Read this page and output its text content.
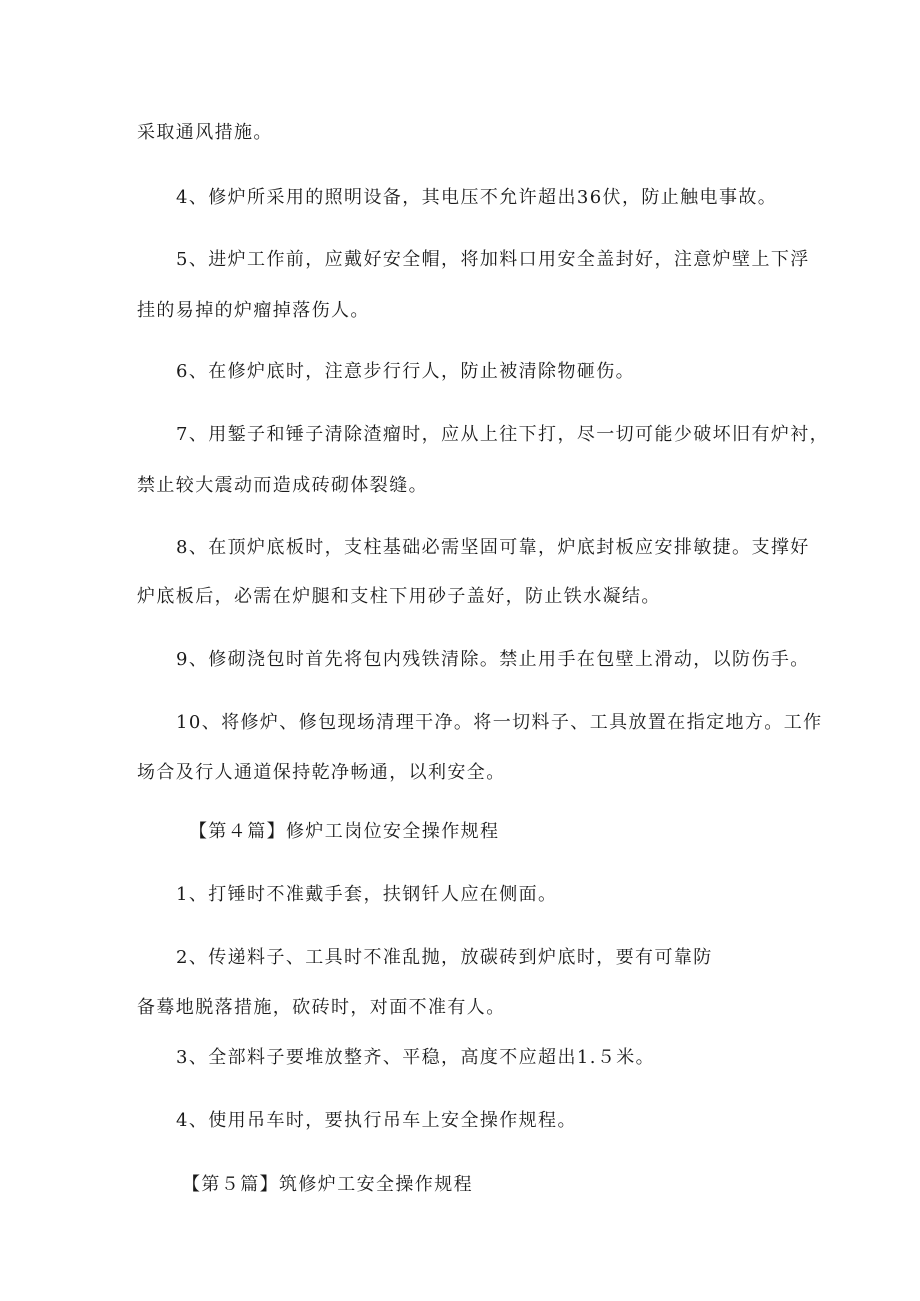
采取通风措施。
4、修炉所采用的照明设备，其电压不允许超出36伏，防止触电事故。
5、进炉工作前，应戴好安全帽，将加料口用安全盖封好，注意炉壁上下浮
挂的易掉的炉瘤掉落伤人。
6、在修炉底时，注意步行行人，防止被清除物砸伤。
7、用錾子和锤子清除渣瘤时，应从上往下打，尽一切可能少破坏旧有炉衬，
禁止较大震动而造成砖砌体裂缝。
8、在顶炉底板时，支柱基础必需坚固可靠，炉底封板应安排敏捷。支撑好
炉底板后，必需在炉腿和支柱下用砂子盖好，防止铁水凝结。
9、修砌浇包时首先将包内残铁清除。禁止用手在包壁上滑动，以防伤手。
10、将修炉、修包现场清理干净。将一切料子、工具放置在指定地方。工作
场合及行人通道保持乾净畅通，以利安全。
【第４篇】修炉工岗位安全操作规程
1、打锤时不准戴手套，扶钢钎人应在侧面。
2、传递料子、工具时不准乱抛，放碳砖到炉底时，要有可靠防
备蓦地脱落措施，砍砖时，对面不准有人。
3、全部料子要堆放整齐、平稳，高度不应超出1.５米。
4、使用吊车时，要执行吊车上安全操作规程。
【第５篇】筑修炉工安全操作规程
